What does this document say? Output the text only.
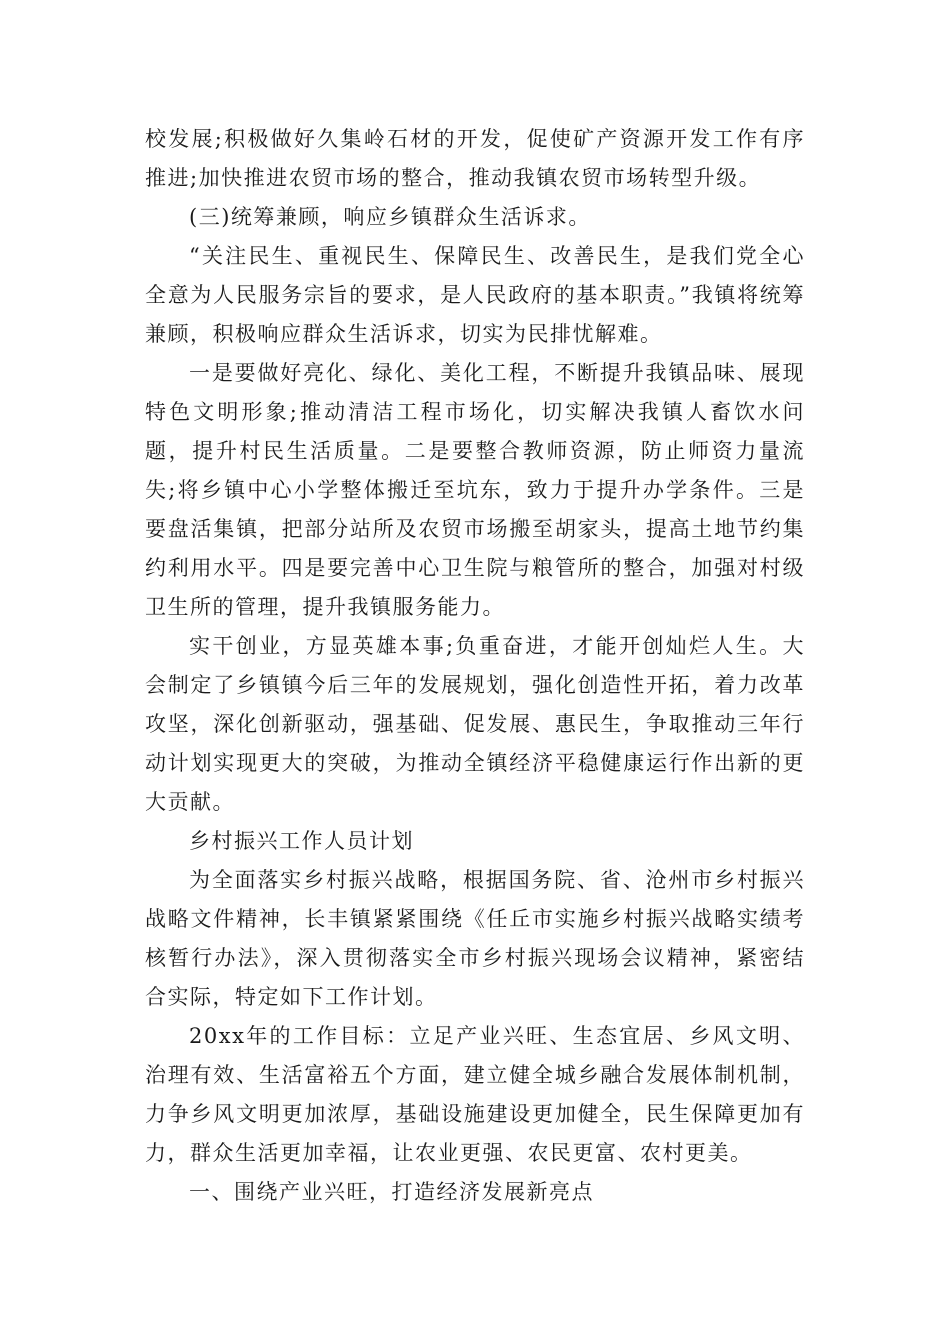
校发展;积极做好久集岭石材的开发，促使矿产资源开发工作有序推进;加快推进农贸市场的整合，推动我镇农贸市场转型升级。

(三)统筹兼顾，响应乡镇群众生活诉求。

“关注民生、重视民生、保障民生、改善民生，是我们党全心全意为人民服务宗旨的要求，是人民政府的基本职责。”我镇将统筹兼顾，积极响应群众生活诉求，切实为民排忧解难。

一是要做好亮化、绿化、美化工程，不断提升我镇品味、展现特色文明形象;推动清洁工程市场化，切实解决我镇人畜饮水问题，提升村民生活质量。二是要整合教师资源，防止师资力量流失;将乡镇中心小学整体搬迁至坑东，致力于提升办学条件。三是要盘活集镇，把部分站所及农贸市场搬至胡家头，提高土地节约集约利用水平。四是要完善中心卫生院与粮管所的整合，加强对村级卫生所的管理，提升我镇服务能力。

实干创业，方显英雄本事;负重奋进，才能开创灿烂人生。大会制定了乡镇镇今后三年的发展规划，强化创造性开拓，着力改革攻坚，深化创新驱动，强基础、促发展、惠民生，争取推动三年行动计划实现更大的突破，为推动全镇经济平稳健康运行作出新的更大贡献。

乡村振兴工作人员计划

为全面落实乡村振兴战略，根据国务院、省、沧州市乡村振兴战略文件精神，长丰镇紧紧围绕《任丘市实施乡村振兴战略实绩考核暂行办法》，深入贯彻落实全市乡村振兴现场会议精神，紧密结合实际，特定如下工作计划。

20xx年的工作目标：立足产业兴旺、生态宜居、乡风文明、治理有效、生活富裕五个方面，建立健全城乡融合发展体制机制，力争乡风文明更加浓厚，基础设施建设更加健全，民生保障更加有力，群众生活更加幸福，让农业更强、农民更富、农村更美。

一、围绕产业兴旺，打造经济发展新亮点
